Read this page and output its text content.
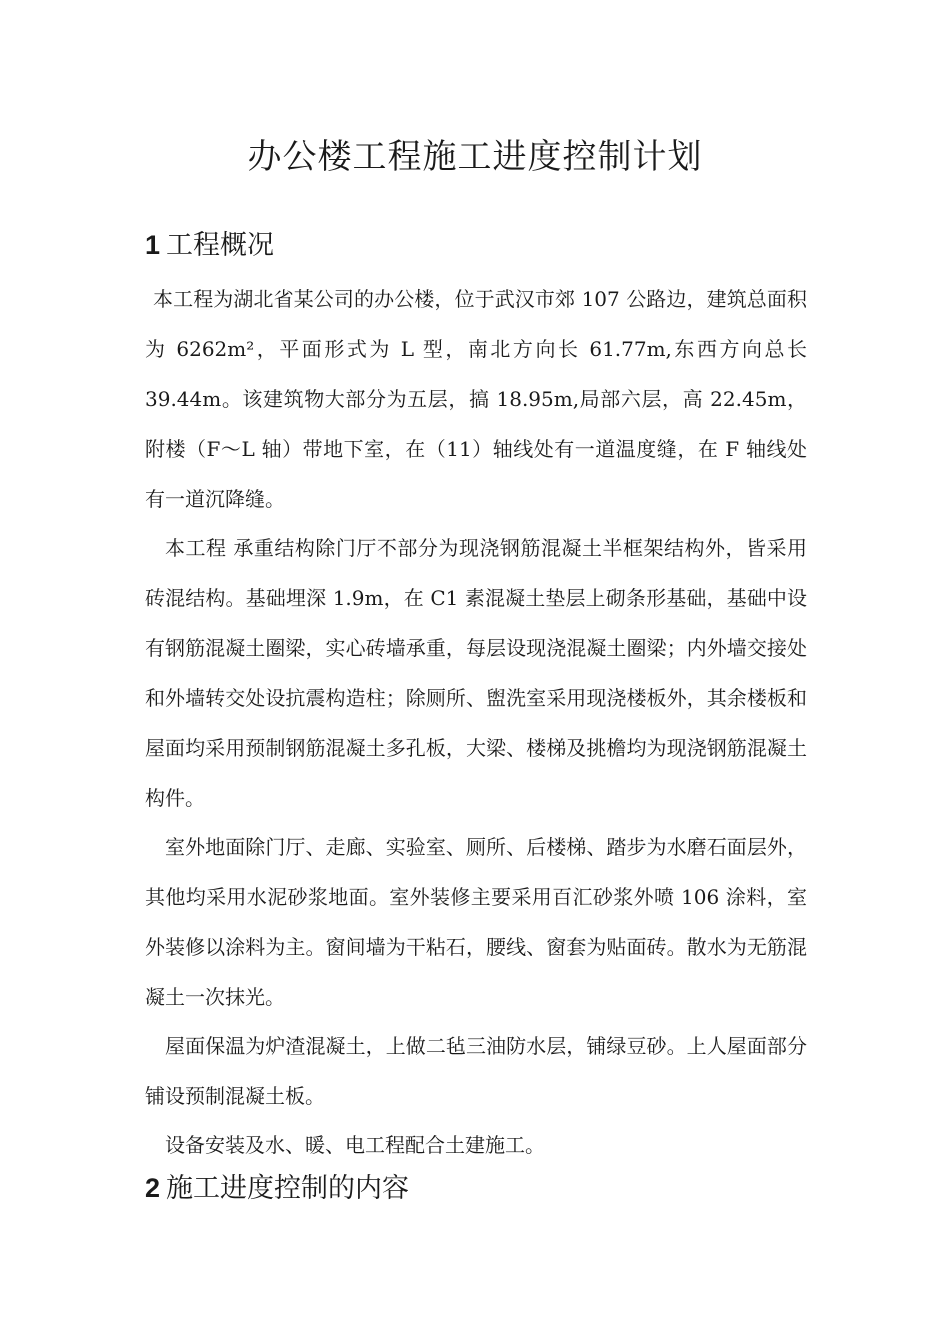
办公楼工程施工进度控制计划
1 工程概况

本工程为湖北省某公司的办公楼，位于武汉市郊 107 公路边，建筑总面积为 6262m²，平面形式为 L 型，南北方向长 61.77m,东西方向总长 39.44m。该建筑物大部分为五层，搞 18.95m,局部六层，高 22.45m，附楼（F～L 轴）带地下室，在（11）轴线处有一道温度缝，在 F 轴线处有一道沉降缝。

本工程 承重结构除门厅不部分为现浇钢筋混凝土半框架结构外，皆采用砖混结构。基础埋深 1.9m，在 C1 素混凝土垫层上砌条形基础，基础中设有钢筋混凝土圈梁，实心砖墙承重，每层设现浇混凝土圈梁；内外墙交接处和外墙转交处设抗震构造柱；除厕所、盥洗室采用现浇楼板外，其余楼板和屋面均采用预制钢筋混凝土多孔板，大梁、楼梯及挑檐均为现浇钢筋混凝土构件。

室外地面除门厅、走廊、实验室、厕所、后楼梯、踏步为水磨石面层外，其他均采用水泥砂浆地面。室外装修主要采用百汇砂浆外喷 106 涂料，室外装修以涂料为主。窗间墙为干粘石，腰线、窗套为贴面砖。散水为无筋混凝土一次抹光。

屋面保温为炉渣混凝土，上做二毡三油防水层，铺绿豆砂。上人屋面部分铺设预制混凝土板。

设备安装及水、暖、电工程配合土建施工。

2 施工进度控制的内容
